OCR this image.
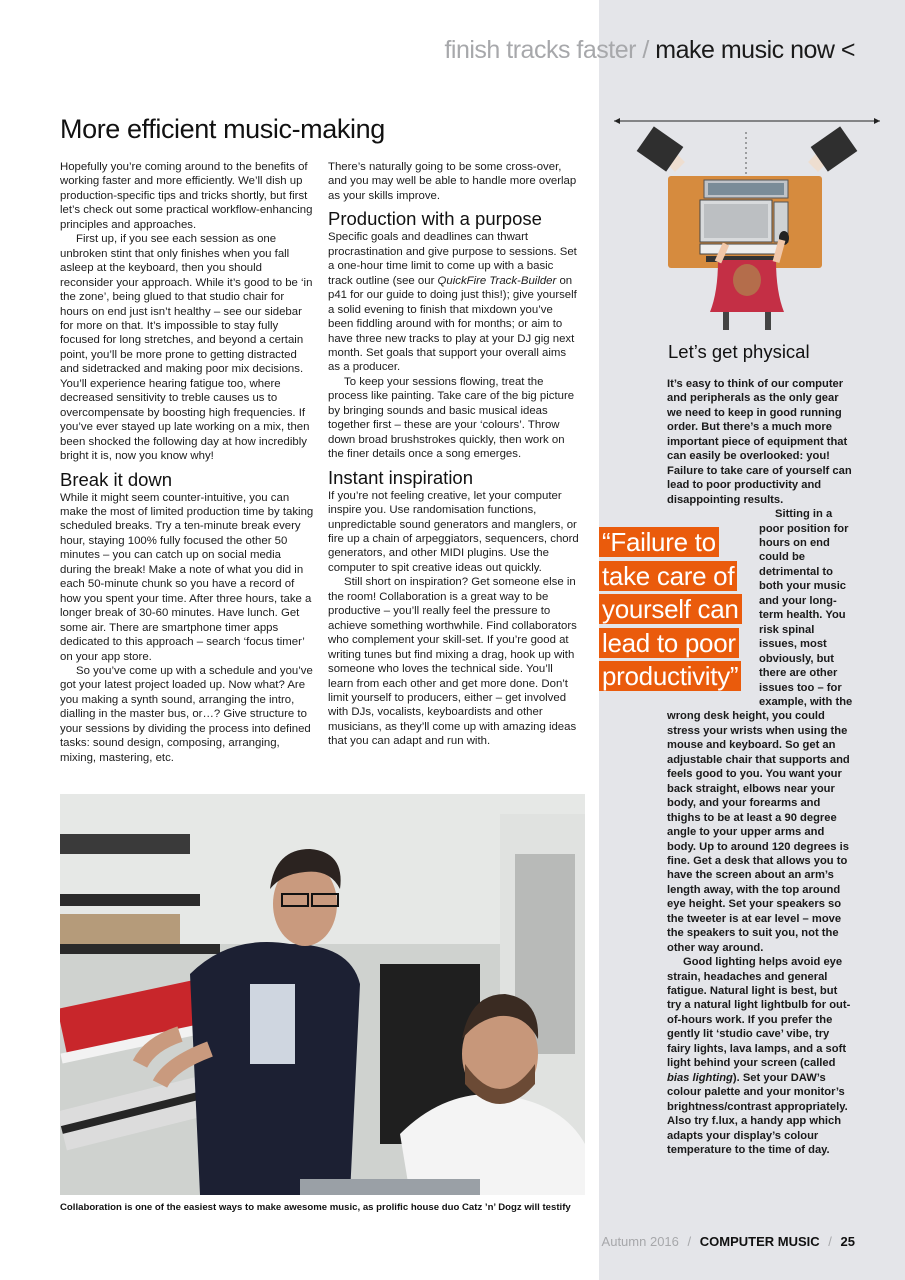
finish tracks faster / make music now <
More efficient music-making

Hopefully you’re coming around to the benefits of working faster and more efficiently. We’ll dish up production-specific tips and tricks shortly, but first let’s check out some practical workflow-enhancing principles and approaches.

First up, if you see each session as one unbroken stint that only finishes when you fall asleep at the keyboard, then you should reconsider your approach. While it’s good to be ‘in the zone’, being glued to that studio chair for hours on end just isn’t healthy – see our sidebar for more on that. It’s impossible to stay fully focused for long stretches, and beyond a certain point, you’ll be more prone to getting distracted and sidetracked and making poor mix decisions. You’ll experience hearing fatigue too, where decreased sensitivity to treble causes us to overcompensate by boosting high frequencies. If you’ve ever stayed up late working on a mix, then been shocked the following day at how incredibly bright it is, now you know why!

Break it down

While it might seem counter-intuitive, you can make the most of limited production time by taking scheduled breaks. Try a ten-minute break every hour, staying 100% fully focused the other 50 minutes – you can catch up on social media during the break! Make a note of what you did in each 50-minute chunk so you have a record of how you spent your time. After three hours, take a longer break of 30-60 minutes. Have lunch. Get some air. There are smartphone timer apps dedicated to this approach – search ‘focus timer’ on your app store.

So you’ve come up with a schedule and you’ve got your latest project loaded up. Now what? Are you making a synth sound, arranging the intro, dialling in the master bus, or…? Give structure to your sessions by dividing the process into defined tasks: sound design, composing, arranging, mixing, mastering, etc.

There’s naturally going to be some cross-over, and you may well be able to handle more overlap as your skills improve.

Production with a purpose

Specific goals and deadlines can thwart procrastination and give purpose to sessions. Set a one-hour time limit to come up with a basic track outline (see our QuickFire Track-Builder on p41 for our guide to doing just this!); give yourself a solid evening to finish that mixdown you’ve been fiddling around with for months; or aim to have three new tracks to play at your DJ gig next month. Set goals that support your overall aims as a producer.

To keep your sessions flowing, treat the process like painting. Take care of the big picture by bringing sounds and basic musical ideas together first – these are your ‘colours’. Throw down broad brushstrokes quickly, then work on the finer details once a song emerges.

Instant inspiration

If you’re not feeling creative, let your computer inspire you. Use randomisation functions, unpredictable sound generators and manglers, or fire up a chain of arpeggiators, sequencers, chord generators, and other MIDI plugins. Use the computer to spit creative ideas out quickly.

Still short on inspiration? Get someone else in the room! Collaboration is a great way to be productive – you’ll really feel the pressure to achieve something worthwhile. Find collaborators who complement your skill-set. If you’re good at writing tunes but find mixing a drag, hook up with someone who loves the technical side. You’ll learn from each other and get more done. Don’t limit yourself to producers, either – get involved with DJs, vocalists, keyboardists and other musicians, as they’ll come up with amazing ideas that you can adapt and run with.

Collaboration is one of the easiest ways to make awesome music, as prolific house duo Catz ’n’ Dogz will testify
Let’s get physical

It’s easy to think of our computer and peripherals as the only gear we need to keep in good running order. But there’s a much more important piece of equipment that can easily be overlooked: you! Failure to take care of yourself can lead to poor productivity and disappointing results.

Sitting in a poor position for hours on end could be detrimental to both your music and your long-term health. You risk spinal issues, most obviously, but there are other issues too – for example, with the wrong desk height, you could stress your wrists when using the mouse and keyboard. So get an adjustable chair that supports and feels good to you. You want your back straight, elbows near your body, and your forearms and thighs to be at least a 90 degree angle to your upper arms and body. Up to around 120 degrees is fine. Get a desk that allows you to have the screen about an arm’s length away, with the top around eye height. Set your speakers so the tweeter is at ear level – move the speakers to suit you, not the other way around.

Good lighting helps avoid eye strain, headaches and general fatigue. Natural light is best, but try a natural light lightbulb for out-of-hours work. If you prefer the gently lit ‘studio cave’ vibe, try fairy lights, lava lamps, and a soft light behind your screen (called bias lighting). Set your DAW’s colour palette and your monitor’s brightness/contrast appropriately. Also try f.lux, a handy app which adapts your display’s colour temperature to the time of day.

“Failure to
take care of
yourself can
lead to poor
productivity”
Autumn 2016 / COMPUTER MUSIC / 25
